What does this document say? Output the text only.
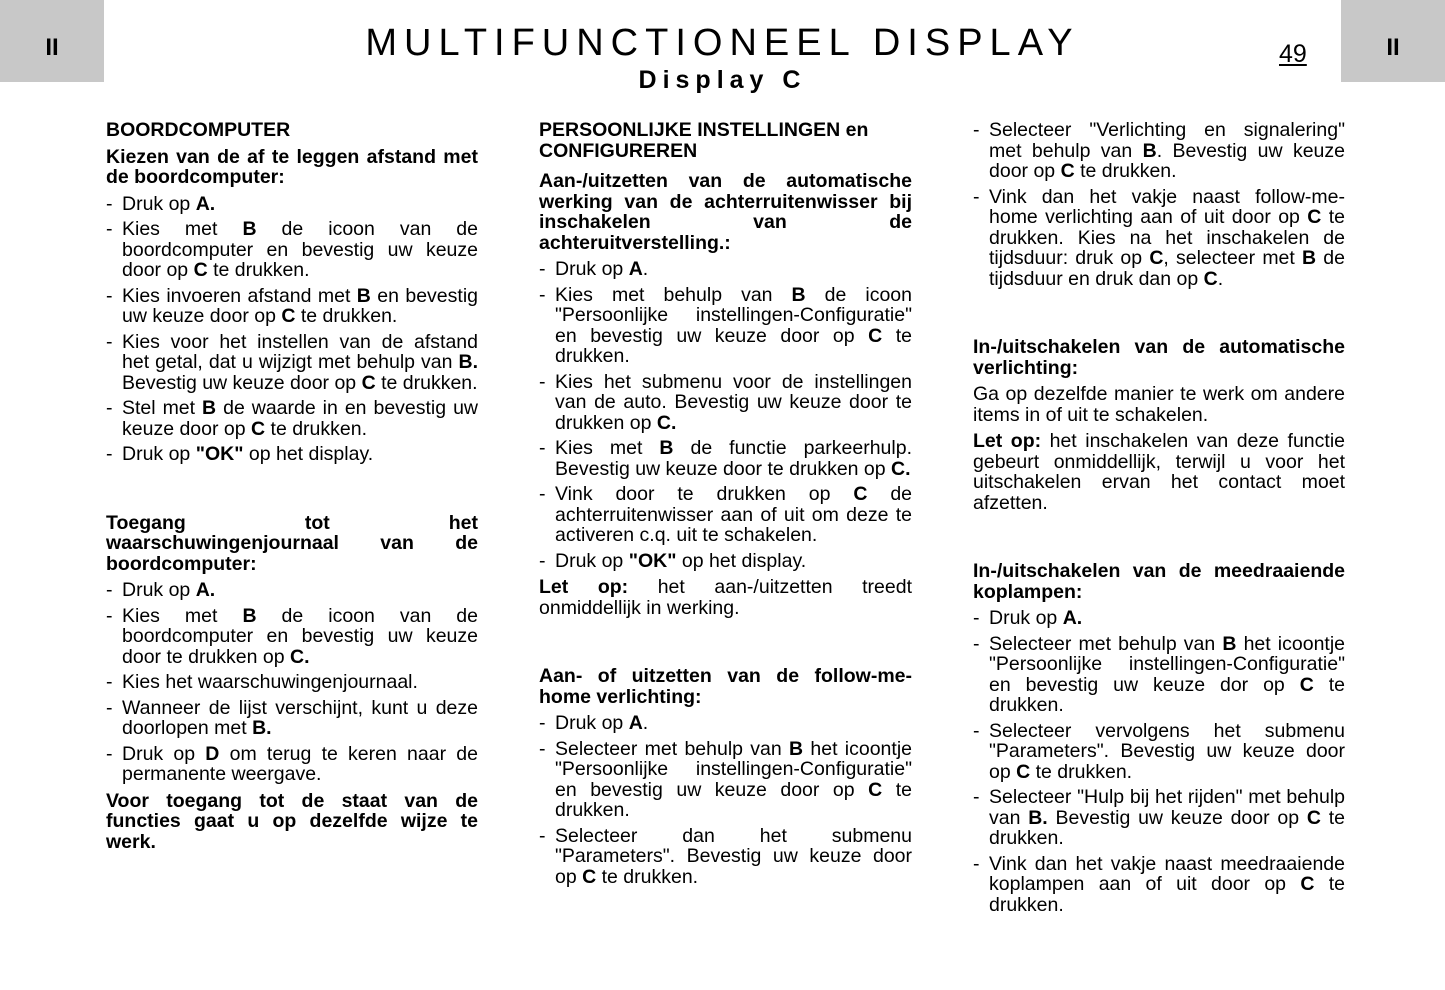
II	II
MULTIFUNCTIONEEL DISPLAY
Display C
49
BOORDCOMPUTER
Kiezen van de af te leggen afstand met de boordcomputer:
- Druk op A.
- Kies met B de icoon van de boordcomputer en bevestig uw keuze door op C te drukken.
- Kies invoeren afstand met B en bevestig uw keuze door op C te drukken.
- Kies voor het instellen van de afstand het getal, dat u wijzigt met behulp van B. Bevestig uw keuze door op C te drukken.
- Stel met B de waarde in en bevestig uw keuze door op C te drukken.
- Druk op "OK" op het display.
Toegang tot het waarschuwingenjournaal van de boordcomputer:
- Druk op A.
- Kies met B de icoon van de boordcomputer en bevestig uw keuze door te drukken op C.
- Kies het waarschuwingenjournaal.
- Wanneer de lijst verschijnt, kunt u deze doorlopen met B.
- Druk op D om terug te keren naar de permanente weergave.
Voor toegang tot de staat van de functies gaat u op dezelfde wijze te werk.
PERSOONLIJKE INSTELLINGEN en CONFIGUREREN
Aan-/uitzetten van de automatische werking van de achterruitenwisser bij inschakelen van de achteruitverstelling.:
- Druk op A.
- Kies met behulp van B de icoon "Persoonlijke instellingen-Configuratie" en bevestig uw keuze door op C te drukken.
- Kies het submenu voor de instellingen van de auto. Bevestig uw keuze door te drukken op C.
- Kies met B de functie parkeerhulp. Bevestig uw keuze door te drukken op C.
- Vink door te drukken op C de achterruitenwisser aan of uit om deze te activeren c.q. uit te schakelen.
- Druk op "OK" op het display.
Let op: het aan-/uitzetten treedt onmiddellijk in werking.
Aan- of uitzetten van de follow-me-home verlichting:
- Druk op A.
- Selecteer met behulp van B het icoontje "Persoonlijke instellingen-Configuratie" en bevestig uw keuze door op C te drukken.
- Selecteer dan het submenu "Parameters". Bevestig uw keuze door op C te drukken.
- Selecteer "Verlichting en signalering" met behulp van B. Bevestig uw keuze door op C te drukken.
- Vink dan het vakje naast follow-me-home verlichting aan of uit door op C te drukken. Kies na het inschakelen de tijdsduur: druk op C, selecteer met B de tijdsduur en druk dan op C.
In-/uitschakelen van de automatische verlichting:
Ga op dezelfde manier te werk om andere items in of uit te schakelen.
Let op: het inschakelen van deze functie gebeurt onmiddellijk, terwijl u voor het uitschakelen ervan het contact moet afzetten.
In-/uitschakelen van de meedraaiende koplampen:
- Druk op A.
- Selecteer met behulp van B het icoontje "Persoonlijke instellingen-Configuratie" en bevestig uw keuze dor op C te drukken.
- Selecteer vervolgens het submenu "Parameters". Bevestig uw keuze door op C te drukken.
- Selecteer "Hulp bij het rijden" met behulp van B. Bevestig uw keuze door op C te drukken.
- Vink dan het vakje naast meedraaiende koplampen aan of uit door op C te drukken.
